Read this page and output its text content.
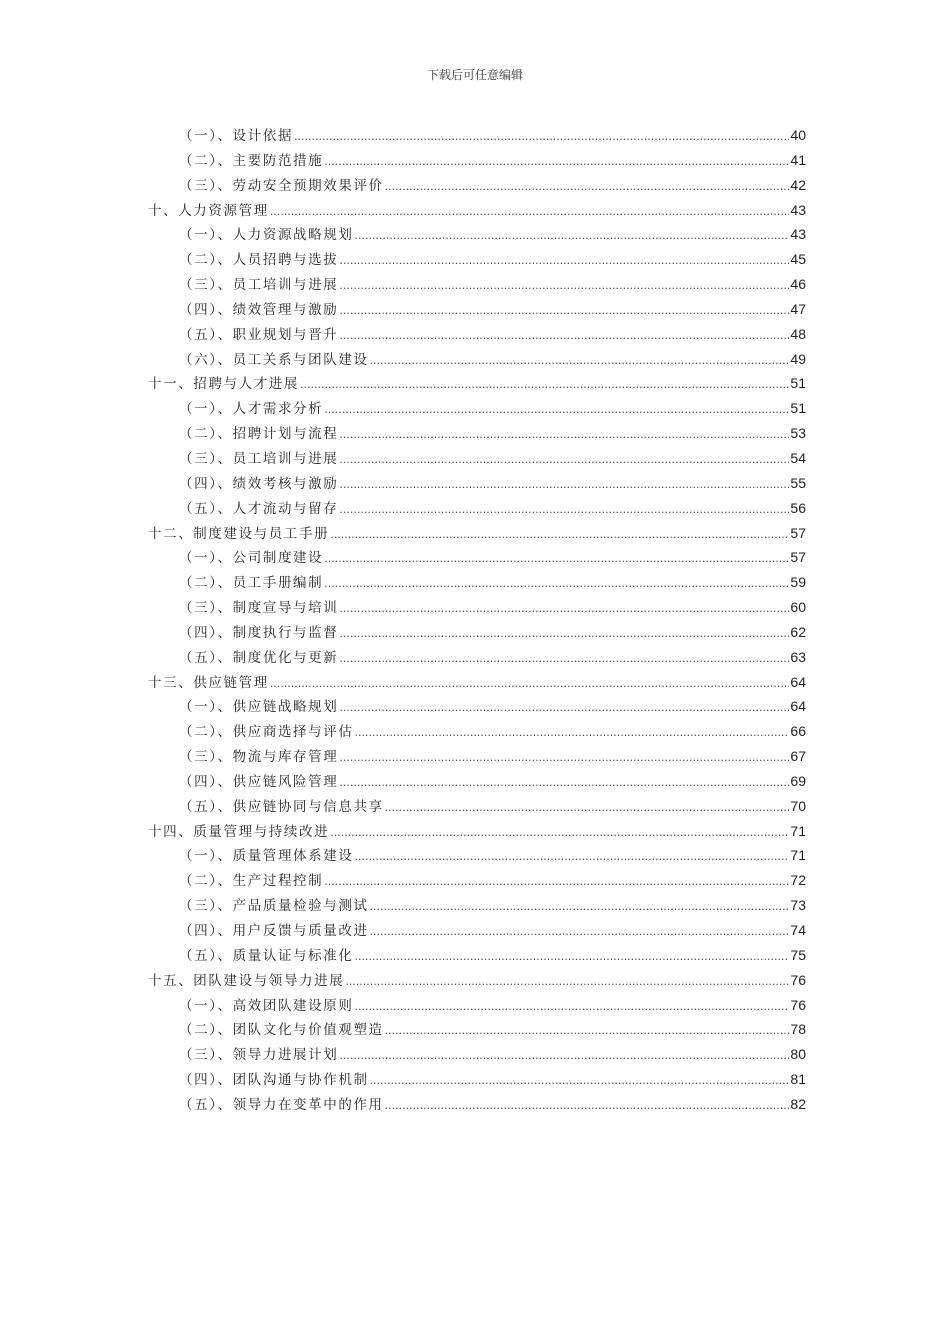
下载后可任意编辑
（一）、设计依据 .....	40
（二）、主要防范措施 .....	41
（三）、劳动安全预期效果评价 .....	42
十、人力资源管理 .....	43
（一）、人力资源战略规划 .....	43
（二）、人员招聘与选拔 .....	45
（三）、员工培训与进展 .....	46
（四）、绩效管理与激励 .....	47
（五）、职业规划与晋升 .....	48
（六）、员工关系与团队建设 .....	49
十一、招聘与人才进展 .....	51
（一）、人才需求分析 .....	51
（二）、招聘计划与流程 .....	53
（三）、员工培训与进展 .....	54
（四）、绩效考核与激励 .....	55
（五）、人才流动与留存 .....	56
十二、制度建设与员工手册 .....	57
（一）、公司制度建设 .....	57
（二）、员工手册编制 .....	59
（三）、制度宣导与培训 .....	60
（四）、制度执行与监督 .....	62
（五）、制度优化与更新 .....	63
十三、供应链管理 .....	64
（一）、供应链战略规划 .....	64
（二）、供应商选择与评估 .....	66
（三）、物流与库存管理 .....	67
（四）、供应链风险管理 .....	69
（五）、供应链协同与信息共享 .....	70
十四、质量管理与持续改进 .....	71
（一）、质量管理体系建设 .....	71
（二）、生产过程控制 .....	72
（三）、产品质量检验与测试 .....	73
（四）、用户反馈与质量改进 .....	74
（五）、质量认证与标准化 .....	75
十五、团队建设与领导力进展 .....	76
（一）、高效团队建设原则 .....	76
（二）、团队文化与价值观塑造 .....	78
（三）、领导力进展计划 .....	80
（四）、团队沟通与协作机制 .....	81
（五）、领导力在变革中的作用 .....	82
